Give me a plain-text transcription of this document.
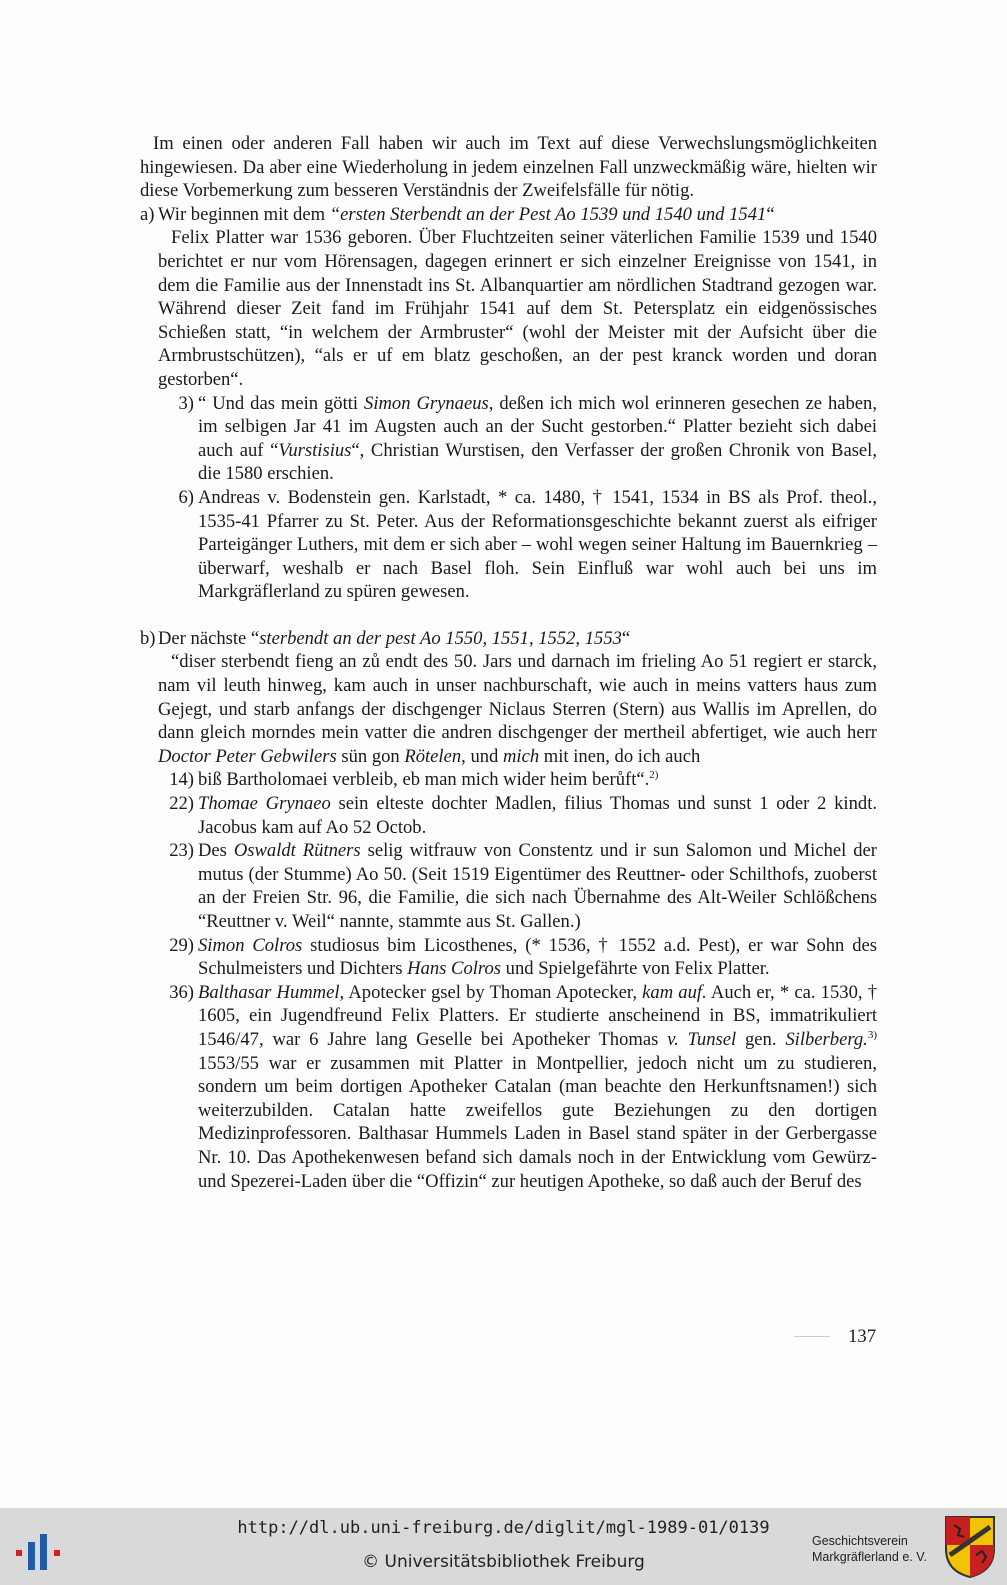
Im einen oder anderen Fall haben wir auch im Text auf diese Verwechslungsmöglichkeiten hingewiesen. Da aber eine Wiederholung in jedem einzelnen Fall unzweckmäßig wäre, hielten wir diese Vorbemerkung zum besseren Verständnis der Zweifelsfälle für nötig.

a) Wir beginnen mit dem “ersten Sterbendt an der Pest Ao 1539 und 1540 und 1541“

Felix Platter war 1536 geboren. Über Fluchtzeiten seiner väterlichen Familie 1539 und 1540 berichtet er nur vom Hörensagen, dagegen erinnert er sich einzelner Ereignisse von 1541, in dem die Familie aus der Innenstadt ins St. Albanquartier am nördlichen Stadtrand gezogen war. Während dieser Zeit fand im Frühjahr 1541 auf dem St. Petersplatz ein eidgenössisches Schießen statt, “in welchem der Armbruster“ (wohl der Meister mit der Aufsicht über die Armbrustschützen), “als er uf em blatz geschoßen, an der pest kranck worden und doran gestorben“.

3) “ Und das mein götti Simon Grynaeus, deßen ich mich wol erinneren gesechen ze haben, im selbigen Jar 41 im Augsten auch an der Sucht gestorben.“ Platter bezieht sich dabei auch auf “Vurstisius“, Christian Wurstisen, den Verfasser der großen Chronik von Basel, die 1580 erschien.

6) Andreas v. Bodenstein gen. Karlstadt, * ca. 1480, † 1541, 1534 in BS als Prof. theol., 1535-41 Pfarrer zu St. Peter. Aus der Reformationsgeschichte bekannt zuerst als eifriger Parteigänger Luthers, mit dem er sich aber – wohl wegen seiner Haltung im Bauernkrieg – überwarf, weshalb er nach Basel floh. Sein Einfluß war wohl auch bei uns im Markgräflerland zu spüren gewesen.

b) Der nächste “sterbendt an der pest Ao 1550, 1551, 1552, 1553“

“diser sterbendt fieng an zů endt des 50. Jars und darnach im frieling Ao 51 regiert er starck, nam vil leuth hinweg, kam auch in unser nachburschaft, wie auch in meins vatters haus zum Gejegt, und starb anfangs der dischgenger Niclaus Sterren (Stern) aus Wallis im Aprellen, do dann gleich morndes mein vatter die andren dischgenger der mertheil abfertiget, wie auch herr Doctor Peter Gebwilers sün gon Rötelen, und mich mit inen, do ich auch

14) biß Bartholomaei verbleib, eb man mich wider heim berůft“.$^{2)}$

22) Thomae Grynaeo sein elteste dochter Madlen, filius Thomas und sunst 1 oder 2 kindt. Jacobus kam auf Ao 52 Octob.

23) Des Oswaldt Rütners selig witfrauw von Constentz und ir sun Salomon und Michel der mutus (der Stumme) Ao 50. (Seit 1519 Eigentümer des Reuttner- oder Schilthofs, zuoberst an der Freien Str. 96, die Familie, die sich nach Übernahme des Alt-Weiler Schlößchens “Reuttner v. Weil“ nannte, stammte aus St. Gallen.)

29) Simon Colros studiosus bim Licosthenes, (* 1536, † 1552 a.d. Pest), er war Sohn des Schulmeisters und Dichters Hans Colros und Spielgefährte von Felix Platter.

36) Balthasar Hummel, Apotecker gsel by Thoman Apotecker, kam auf. Auch er, * ca. 1530, † 1605, ein Jugendfreund Felix Platters. Er studierte anscheinend in BS, immatrikuliert 1546/47, war 6 Jahre lang Geselle bei Apotheker Thomas v. Tunsel gen. Silberberg.$^{3)}$ 1553/55 war er zusammen mit Platter in Montpellier, jedoch nicht um zu studieren, sondern um beim dortigen Apotheker Catalan (man beachte den Herkunftsnamen!) sich weiterzubilden. Catalan hatte zweifellos gute Beziehungen zu den dortigen Medizinprofessoren. Balthasar Hummels Laden in Basel stand später in der Gerbergasse Nr. 10. Das Apothekenwesen befand sich damals noch in der Entwicklung vom Gewürz- und Spezerei-Laden über die “Offizin“ zur heutigen Apotheke, so daß auch der Beruf des

137
http://dl.ub.uni-freiburg.de/diglit/mgl-1989-01/0139
© Universitätsbibliothek Freiburg
Geschichtsverein
Markgräflerland e. V.
